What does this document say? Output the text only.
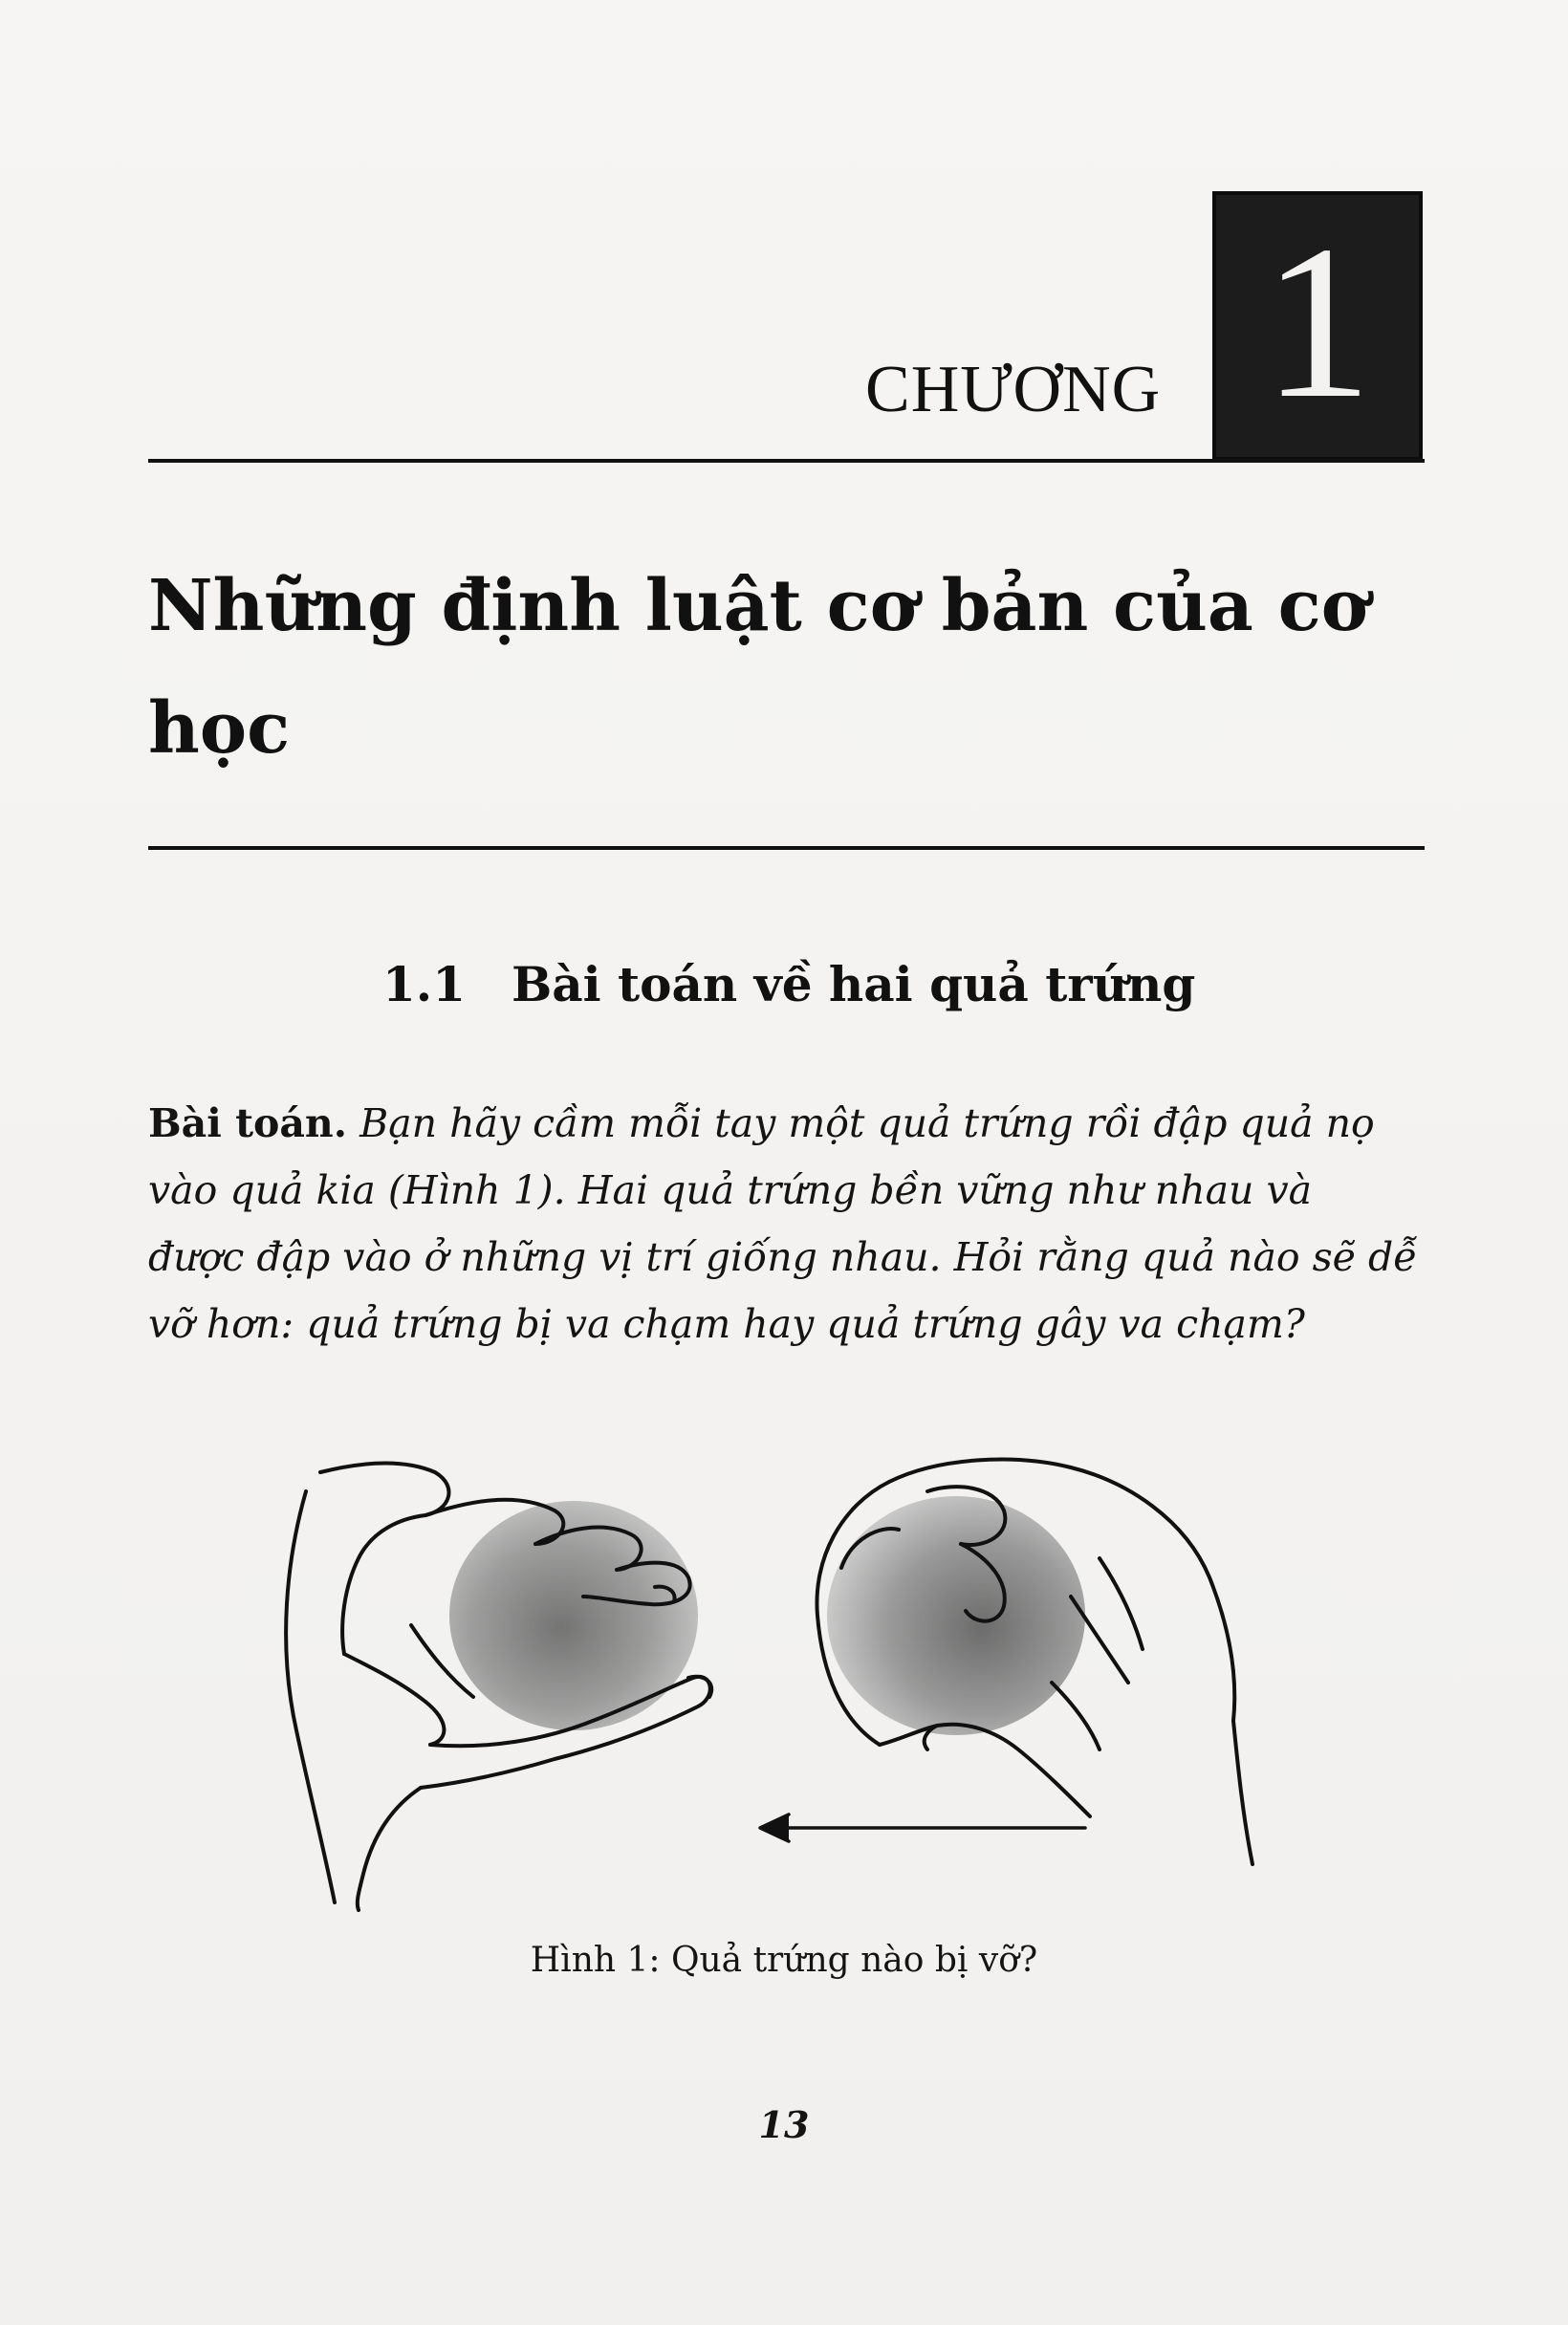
CHƯƠNG 1
Những định luật cơ bản của cơ học
1.1 Bài toán về hai quả trứng
Bài toán. Bạn hãy cầm mỗi tay một quả trứng rồi đập quả nọ vào quả kia (Hình 1). Hai quả trứng bền vững như nhau và được đập vào ở những vị trí giống nhau. Hỏi rằng quả nào sẽ dễ vỡ hơn: quả trứng bị va chạm hay quả trứng gây va chạm?
Hình 1: Quả trứng nào bị vỡ?
13
